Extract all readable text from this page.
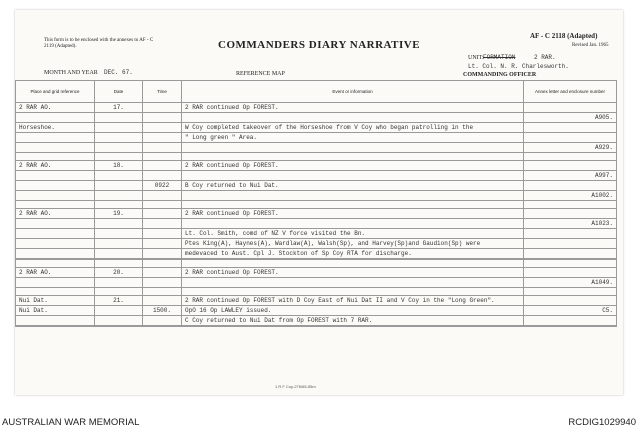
This form is to be enclosed with the annexes to AF - C 2119 (Adapted).	COMMANDERS DIARY NARRATIVE
AF - C 2118 (Adapted)
Revised Jan. 1965
UNIT: FORMATION	2 RAR.
Lt. Col. N. R. Charlesworth.
COMMANDING OFFICER
MONTH AND YEAR DEC. 67.	REFERENCE MAP
Place and grid reference	Date	Time	Event or information	Annex letter and enclosure number
2 RAR AO.	17.		2 RAR continued Op FOREST.	
				A905.
Horseshoe.			W Coy completed takeover of the Horseshoe from V Coy who began patrolling in the	
			" Long green " Area.	
				A929.

2 RAR AO.	18.		2 RAR continued Op FOREST.	
				A997.
		0922	B Coy returned to Nui Dat.	
				A1002.

2 RAR AO.	19.		2 RAR continued Op FOREST.	
				A1023.
			Lt. Col. Smith, comd of NZ V force visited the Bn.	
			Ptes King(A), Haynes(A), Wardlaw(A), Walsh(Sp), and Harvey(Sp)and Gaudion(Sp) were	
			medevaced to Aust. Cpl J. Stockton of Sp Coy RTA for discharge.	

2 RAR AO.	20.		2 RAR continued Op FOREST.	
				A1049.

Nui Dat.	21.		2 RAR continued Op FOREST with D Coy East of Nui Dat II and V Coy in the "Long Green".	
Nui Dat.		1500.	OpO 16 Op LAWLEY issued.	C5.
			C Coy returned to Nui Dat from Op FOREST with 7 RAR.	

1 R F Coy-275/65-55m
AUSTRALIAN WAR MEMORIAL	RCDIG1029940
